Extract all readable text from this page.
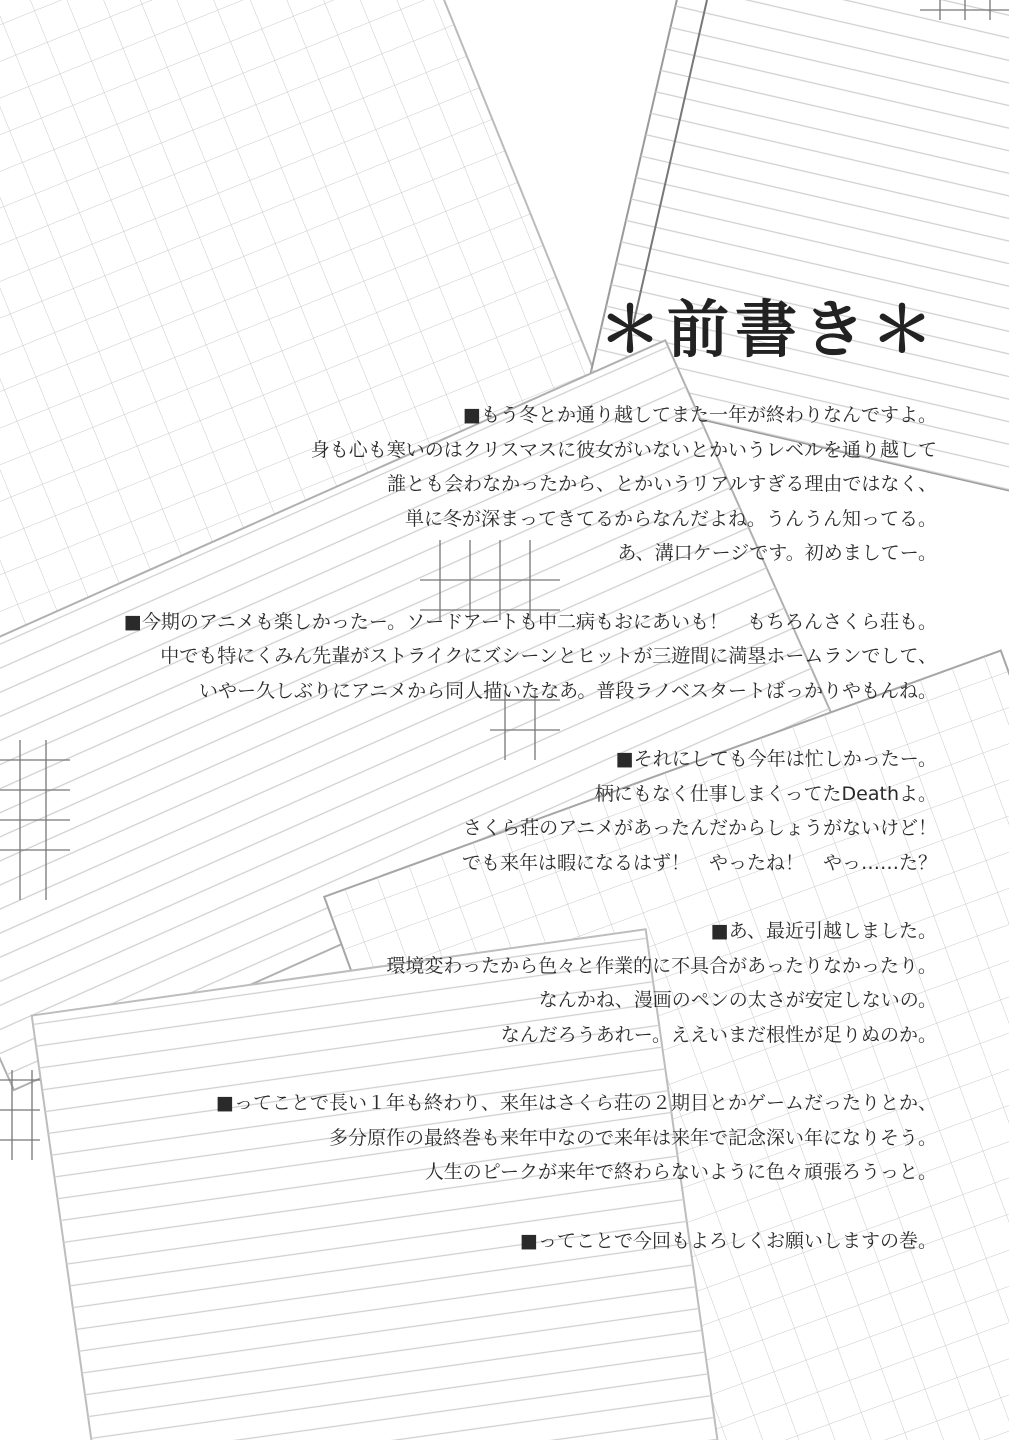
＊前書き＊

■もう冬とか通り越してまた一年が終わりなんですよ。

身も心も寒いのはクリスマスに彼女がいないとかいうレベルを通り越して

誰とも会わなかったから、とかいうリアルすぎる理由ではなく、

単に冬が深まってきてるからなんだよね。うんうん知ってる。

あ、溝口ケージです。初めましてー。

■今期のアニメも楽しかったー。ソードアートも中二病もおにあいも！　もちろんさくら荘も。

中でも特にくみん先輩がストライクにズシーンとヒットが三遊間に満塁ホームランでして、

いやー久しぶりにアニメから同人描いたなあ。普段ラノベスタートばっかりやもんね。

■それにしても今年は忙しかったー。

柄にもなく仕事しまくってたDeathよ。

さくら荘のアニメがあったんだからしょうがないけど！

でも来年は暇になるはず！　やったね！　やっ……た？

■あ、最近引越しました。

環境変わったから色々と作業的に不具合があったりなかったり。

なんかね、漫画のペンの太さが安定しないの。

なんだろうあれー。ええいまだ根性が足りぬのか。

■ってことで長い１年も終わり、来年はさくら荘の２期目とかゲームだったりとか、

多分原作の最終巻も来年中なので来年は来年で記念深い年になりそう。

人生のピークが来年で終わらないように色々頑張ろうっと。

■ってことで今回もよろしくお願いしますの巻。
